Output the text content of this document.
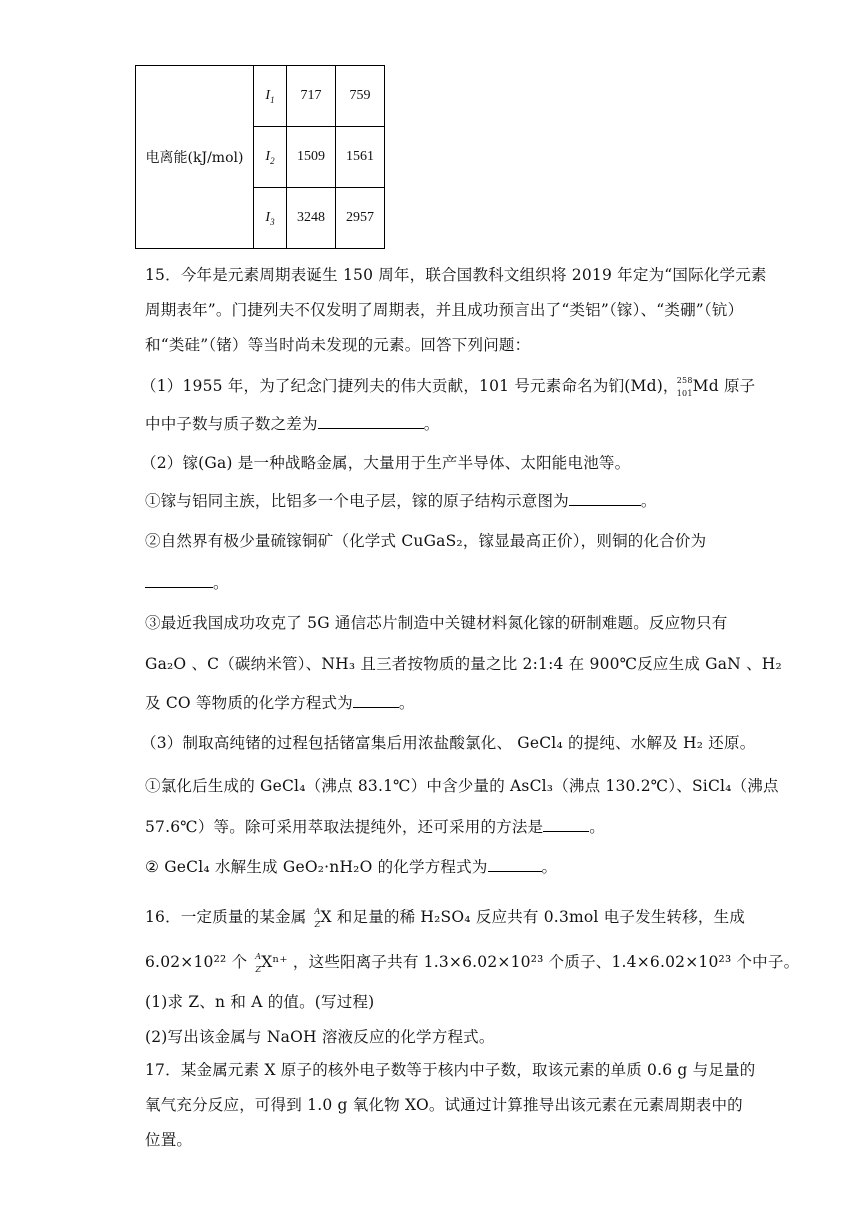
电离能(kJ/mol)	$I_1$	717	759
	$I_2$	1509	1561
	$I_3$	3248	2957
15．今年是元素周期表诞生 150 周年，联合国教科文组织将 2019 年定为“国际化学元素
周期表年”。门捷列夫不仅发明了周期表，并且成功预言出了“类铝”（镓）、“类硼”（钪）
和“类硅”（锗）等当时尚未发现的元素。回答下列问题：
（1）1955 年，为了纪念门捷列夫的伟大贡献，101 号元素命名为钔(Md)，
258
101 Md 原子
中中子数与质子数之差为	。
（2）镓(Ga) 是一种战略金属，大量用于生产半导体、太阳能电池等。
①镓与铝同主族，比铝多一个电子层，镓的原子结构示意图为	。
②自然界有极少量硫镓铜矿（化学式 CuGaS₂，镓显最高正价），则铜的化合价为
。
③最近我国成功攻克了 5G 通信芯片制造中关键材料氮化镓的研制难题。反应物只有
Ga₂O 、C（碳纳米管）、NH₃ 且三者按物质的量之比 2:1:4 在 900℃反应生成 GaN 、H₂
及 CO 等物质的化学方程式为	。
（3）制取高纯锗的过程包括锗富集后用浓盐酸氯化、 GeCl₄ 的提纯、水解及 H₂ 还原。
①氯化后生成的 GeCl₄（沸点 83.1℃）中含少量的 AsCl₃（沸点 130.2℃）、SiCl₄（沸点
57.6℃）等。除可采用萃取法提纯外，还可采用的方法是	。
② GeCl₄ 水解生成 GeO₂·nH₂O 的化学方程式为	。
16．一定质量的某金属 A
Z X 和足量的稀 H₂SO₄ 反应共有 0.3mol 电子发生转移，生成
6.02×10²² 个 A
Z Xⁿ⁺ ，这些阳离子共有 1.3×6.02×10²³ 个质子、1.4×6.02×10²³ 个中子。
(1)求 Z、n 和 A 的值。(写过程)
(2)写出该金属与 NaOH 溶液反应的化学方程式。
17．某金属元素 X 原子的核外电子数等于核内中子数，取该元素的单质 0.6 g 与足量的
氧气充分反应，可得到 1.0 g 氧化物 XO。试通过计算推导出该元素在元素周期表中的
位置。
